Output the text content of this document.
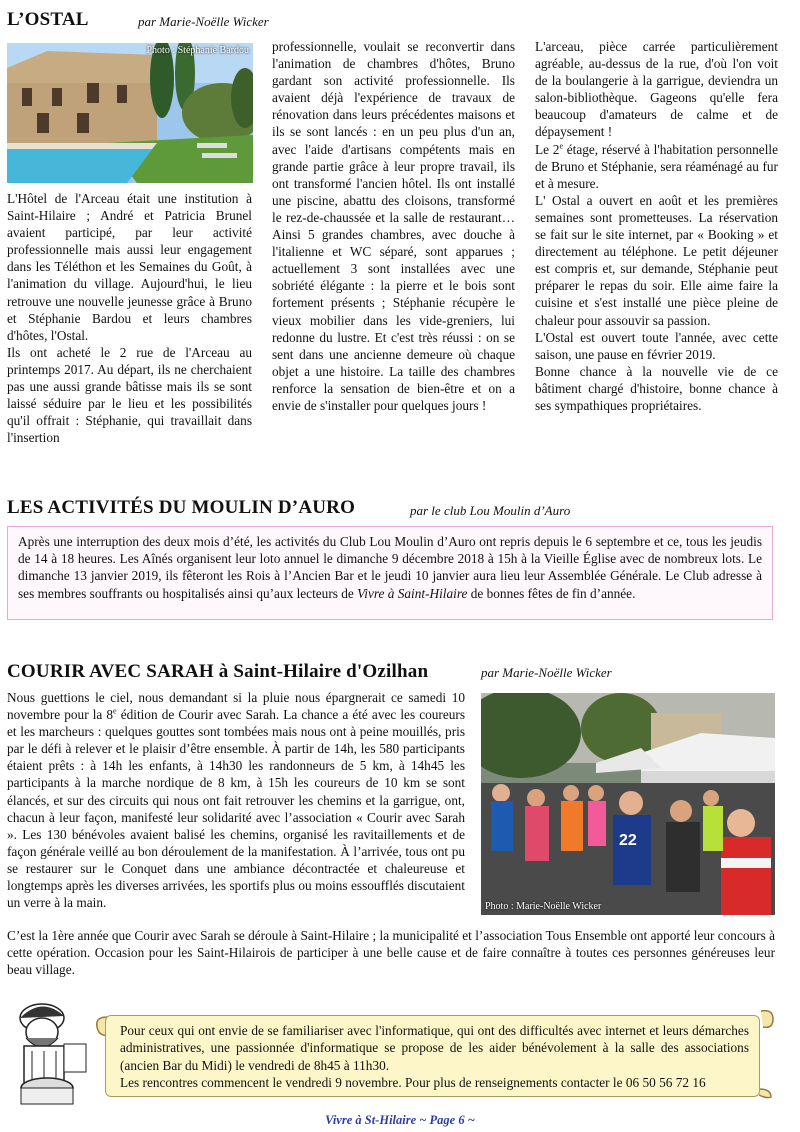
L’OSTAL	par Marie-Noëlle Wicker
Photo : Stéphanie Bardou

L'Hôtel de l'Arceau était une institution à Saint-Hilaire ; André et Patricia Brunel avaient participé, par leur activité professionnelle mais aussi leur engagement dans les Téléthon et les Semaines du Goût, à l'animation du village. Aujourd'hui, le lieu retrouve une nouvelle jeunesse grâce à Bruno et Stéphanie Bardou et leurs chambres d'hôtes, l'Ostal.

Ils ont acheté le 2 rue de l'Arceau au printemps 2017. Au départ, ils ne cherchaient pas une aussi grande bâtisse mais ils se sont laissé séduire par le lieu et les possibilités qu'il offrait : Stéphanie, qui travaillait dans l'insertion

professionnelle, voulait se reconvertir dans l'animation de chambres d'hôtes, Bruno gardant son activité professionnelle. Ils avaient déjà l'expérience de travaux de rénovation dans leurs précédentes maisons et ils se sont lancés : en un peu plus d'un an, avec l'aide d'artisans compétents mais en grande partie grâce à leur propre travail, ils ont transformé l'ancien hôtel. Ils ont installé une piscine, abattu des cloisons, transformé le rez-de-chaussée et la salle de restaurant… Ainsi 5 grandes chambres, avec douche à l'italienne et WC séparé, sont apparues ; actuellement 3 sont installées avec une sobriété élégante : la pierre et le bois sont fortement présents ; Stéphanie récupère le vieux mobilier dans les vide-greniers, lui redonne du lustre. Et c'est très réussi : on se sent dans une ancienne demeure où chaque objet a une histoire. La taille des chambres renforce la sensation de bien-être et on a envie de s'installer pour quelques jours !

L'arceau, pièce carrée particulièrement agréable, au-dessus de la rue, d'où l'on voit de la boulangerie à la garrigue, deviendra un salon-bibliothèque. Gageons qu'elle fera beaucoup d'amateurs de calme et de dépaysement !

Le 2e étage, réservé à l'habitation personnelle de Bruno et Stéphanie, sera réaménagé au fur et à mesure.

L' Ostal a ouvert en août et les premières semaines sont prometteuses. La réservation se fait sur le site internet, par « Booking » et directement au téléphone. Le petit déjeuner est compris et, sur demande, Stéphanie peut préparer le repas du soir. Elle aime faire la cuisine et s'est installé une pièce pleine de chaleur pour assouvir sa passion.

L'Ostal est ouvert toute l'année, avec cette saison, une pause en février 2019.

Bonne chance à la nouvelle vie de ce bâtiment chargé d'histoire, bonne chance à ses sympathiques propriétaires.

LES ACTIVITÉS DU MOULIN D’AURO	par le club Lou Moulin d’Auro
Après une interruption des deux mois d’été, les activités du Club Lou Moulin d’Auro ont repris depuis le 6 septembre et ce, tous les jeudis de 14 à 18 heures. Les Aînés organisent leur loto annuel le dimanche 9 décembre 2018 à 15h à la Vieille Église avec de nombreux lots. Le dimanche 13 janvier 2019, ils fêteront les Rois à l’Ancien Bar et le jeudi 10 janvier aura lieu leur Assemblée Générale. Le Club adresse à ses membres souffrants ou hospitalisés ainsi qu’aux lecteurs de Vivre à Saint-Hilaire de bonnes fêtes de fin d’année.
COURIR AVEC SARAH à Saint-Hilaire d'Ozilhan	par Marie-Noëlle Wicker

Nous guettions le ciel, nous demandant si la pluie nous épargnerait ce samedi 10 novembre pour la 8e édition de Courir avec Sarah. La chance a été avec les coureurs et les marcheurs : quelques gouttes sont tombées mais nous ont à peine mouillés, pris par le défi à relever et le plaisir d’être ensemble. À partir de 14h, les 580 participants étaient prêts : à 14h les enfants, à 14h30 les randonneurs de 5 km, à 14h45 les participants à la marche nordique de 8 km, à 15h les coureurs de 10 km se sont élancés, et sur des circuits qui nous ont fait retrouver les chemins et la garrigue, ont, chacun à leur façon, manifesté leur solidarité avec l’association « Courir avec Sarah ». Les 130 bénévoles avaient balisé les chemins, organisé les ravitaillements et de façon générale veillé au bon déroulement de la manifestation. À l’arrivée, tous ont pu se restaurer sur le Conquet dans une ambiance décontractée et chaleureuse et longtemps après les diverses arrivées, les sportifs plus ou moins essoufflés discutaient un verre à la main.

22
Photo : Marie-Noëlle Wicker

C’est la 1ère année que Courir avec Sarah se déroule à Saint-Hilaire ; la municipalité et l’association Tous Ensemble ont apporté leur concours à cette opération. Occasion pour les Saint-Hilairois de participer à une belle cause et de faire connaître à toutes ces personnes généreuses leur beau village.

Pour ceux qui ont envie de se familiariser avec l'informatique, qui ont des difficultés avec internet et leurs démarches administratives, une passionnée d'informatique se propose de les aider bénévolement à la salle des associations (ancien Bar du Midi) le vendredi de 8h45 à 11h30.
Les rencontres commencent le vendredi 9 novembre. Pour plus de renseignements contacter le 06 50 56 72 16
Vivre à St-Hilaire ~ Page 6 ~
